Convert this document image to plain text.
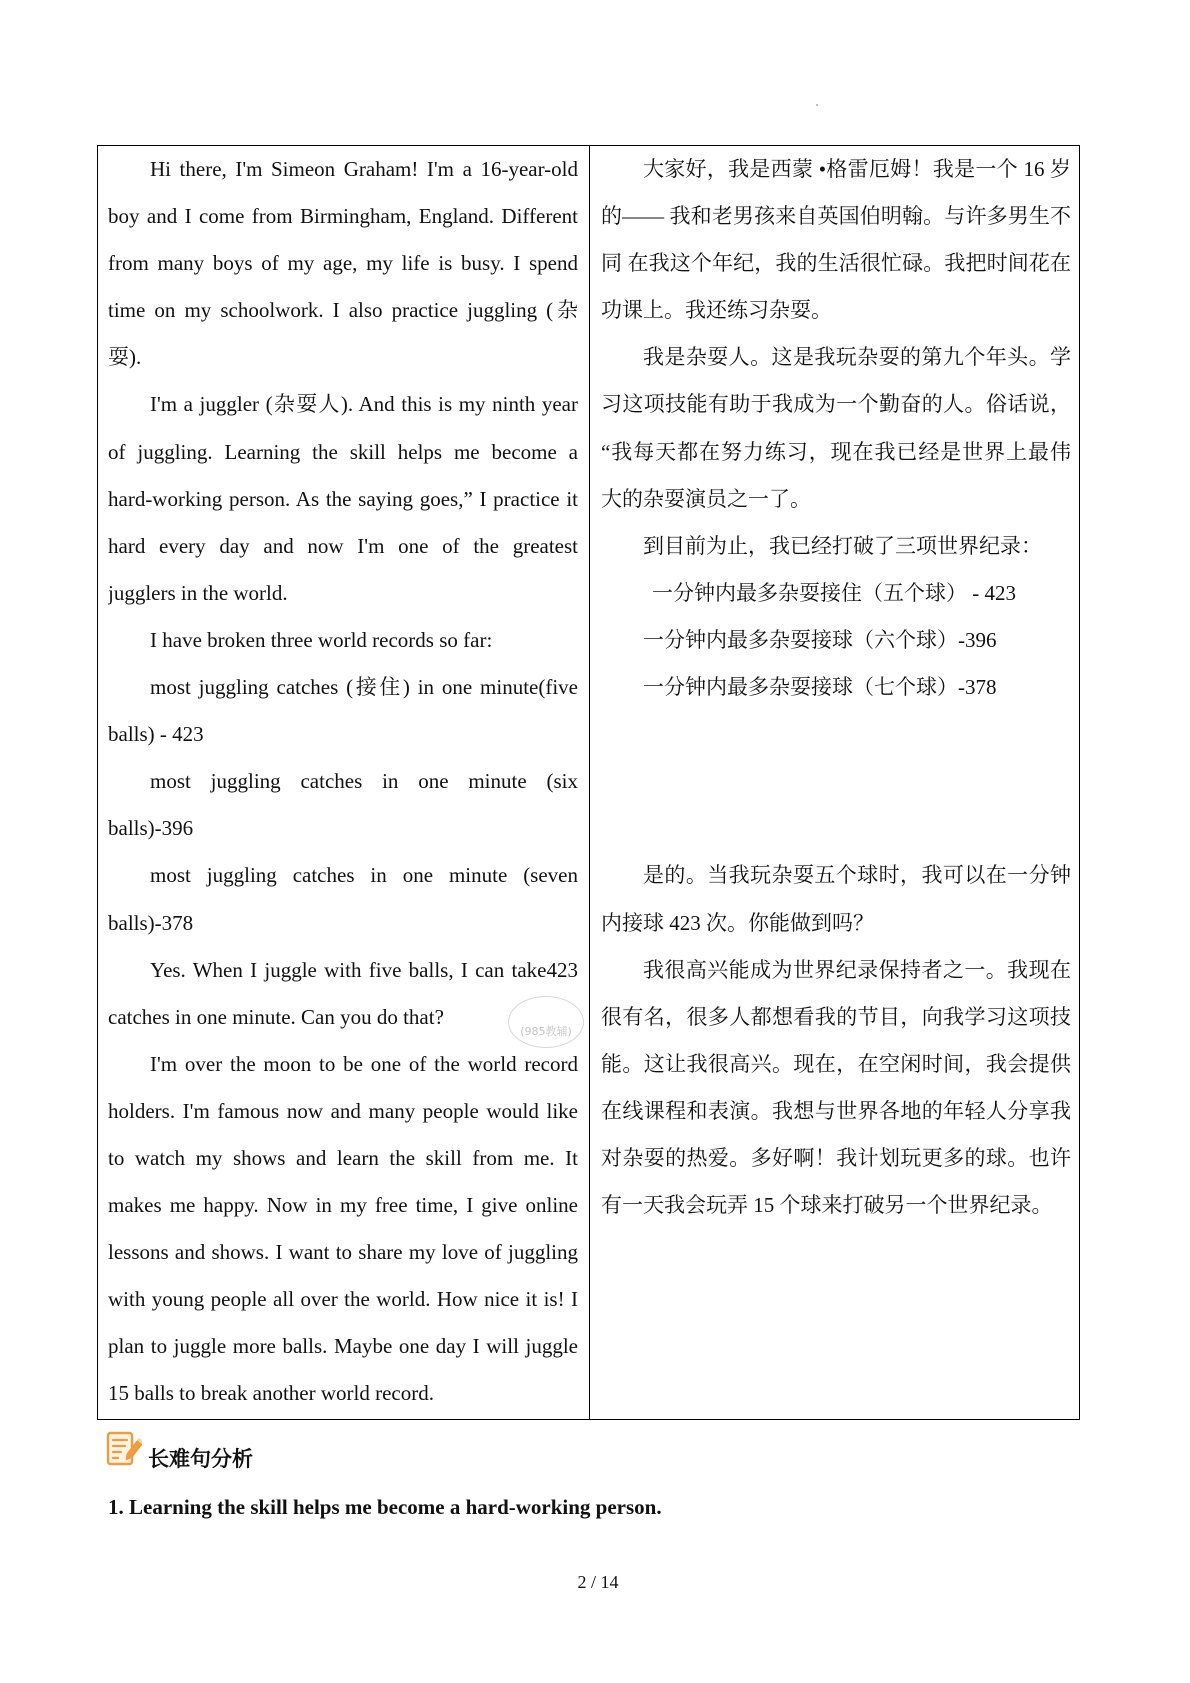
Hi there, I'm Simeon Graham! I'm a 16-year-old
boy and I come from Birmingham, England. Different
from many boys of my age, my life is busy. I spend
time on my schoolwork. I also practice juggling (杂
耍).
I'm a juggler (杂耍人). And this is my ninth year
of juggling. Learning the skill helps me become a
hard-working person. As the saying goes,” I practice it
hard every day and now I'm one of the greatest
jugglers in the world.
I have broken three world records so far:
most juggling catches (接住) in one minute(five
balls) - 423
most juggling catches in one minute (six
balls)-396
most juggling catches in one minute (seven
balls)-378
Yes. When I juggle with five balls, I can take423
catches in one minute. Can you do that?
I'm over the moon to be one of the world record
holders. I'm famous now and many people would like
to watch my shows and learn the skill from me. It
makes me happy. Now in my free time, I give online
lessons and shows. I want to share my love of juggling
with young people all over the world. How nice it is! I
plan to juggle more balls. Maybe one day I will juggle
15 balls to break another world record.
大家好，我是西蒙 •格雷厄姆！我是一个 16 岁
的—— 我和老男孩来自英国伯明翰。与许多男生不
同 在我这个年纪，我的生活很忙碌。我把时间花在
功课上。我还练习杂耍。
我是杂耍人。这是我玩杂耍的第九个年头。学
习这项技能有助于我成为一个勤奋的人。俗话说，
“我每天都在努力练习，现在我已经是世界上最伟
大的杂耍演员之一了。
到目前为止，我已经打破了三项世界纪录：
一分钟内最多杂耍接住（五个球） - 423
一分钟内最多杂耍接球（六个球）-396
一分钟内最多杂耍接球（七个球）-378
是的。当我玩杂耍五个球时，我可以在一分钟
内接球 423 次。你能做到吗？
我很高兴能成为世界纪录保持者之一。我现在
很有名，很多人都想看我的节目，向我学习这项技
能。这让我很高兴。现在，在空闲时间，我会提供
在线课程和表演。我想与世界各地的年轻人分享我
对杂耍的热爱。多好啊！我计划玩更多的球。也许
有一天我会玩弄 15 个球来打破另一个世界纪录。
(985教辅)
长难句分析
1. Learning the skill helps me become a hard-working person.
2 / 14
